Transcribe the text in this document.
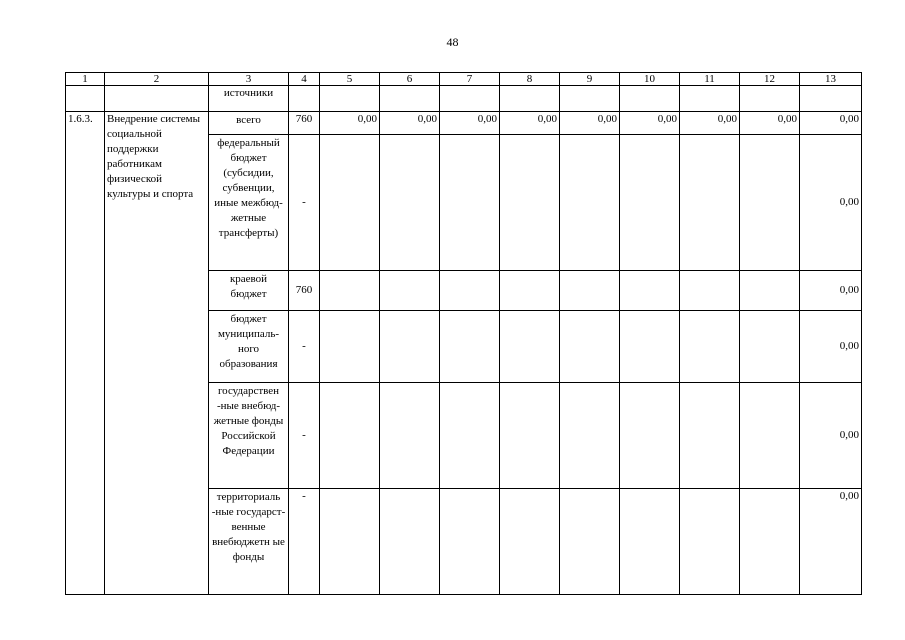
48
1	2	3	4	5	6	7	8	9	10	11	12	13
		источники										
1.6.3.	Внедрение системы социальной поддержки работникам физической культуры и спорта	всего	760	0,00	0,00	0,00	0,00	0,00	0,00	0,00	0,00	0,00
		федеральный бюджет (субсидии, субвенции, иные межбюд-жетные трансферты)	-									0,00
		краевой бюджет	760									0,00
		бюджет муниципаль-ного образования	-									0,00
		государствен -ные внебюд-жетные фонды Российской Федерации	-									0,00
		территориаль -ные государст-венные внебюджетн ые фонды	-									0,00
